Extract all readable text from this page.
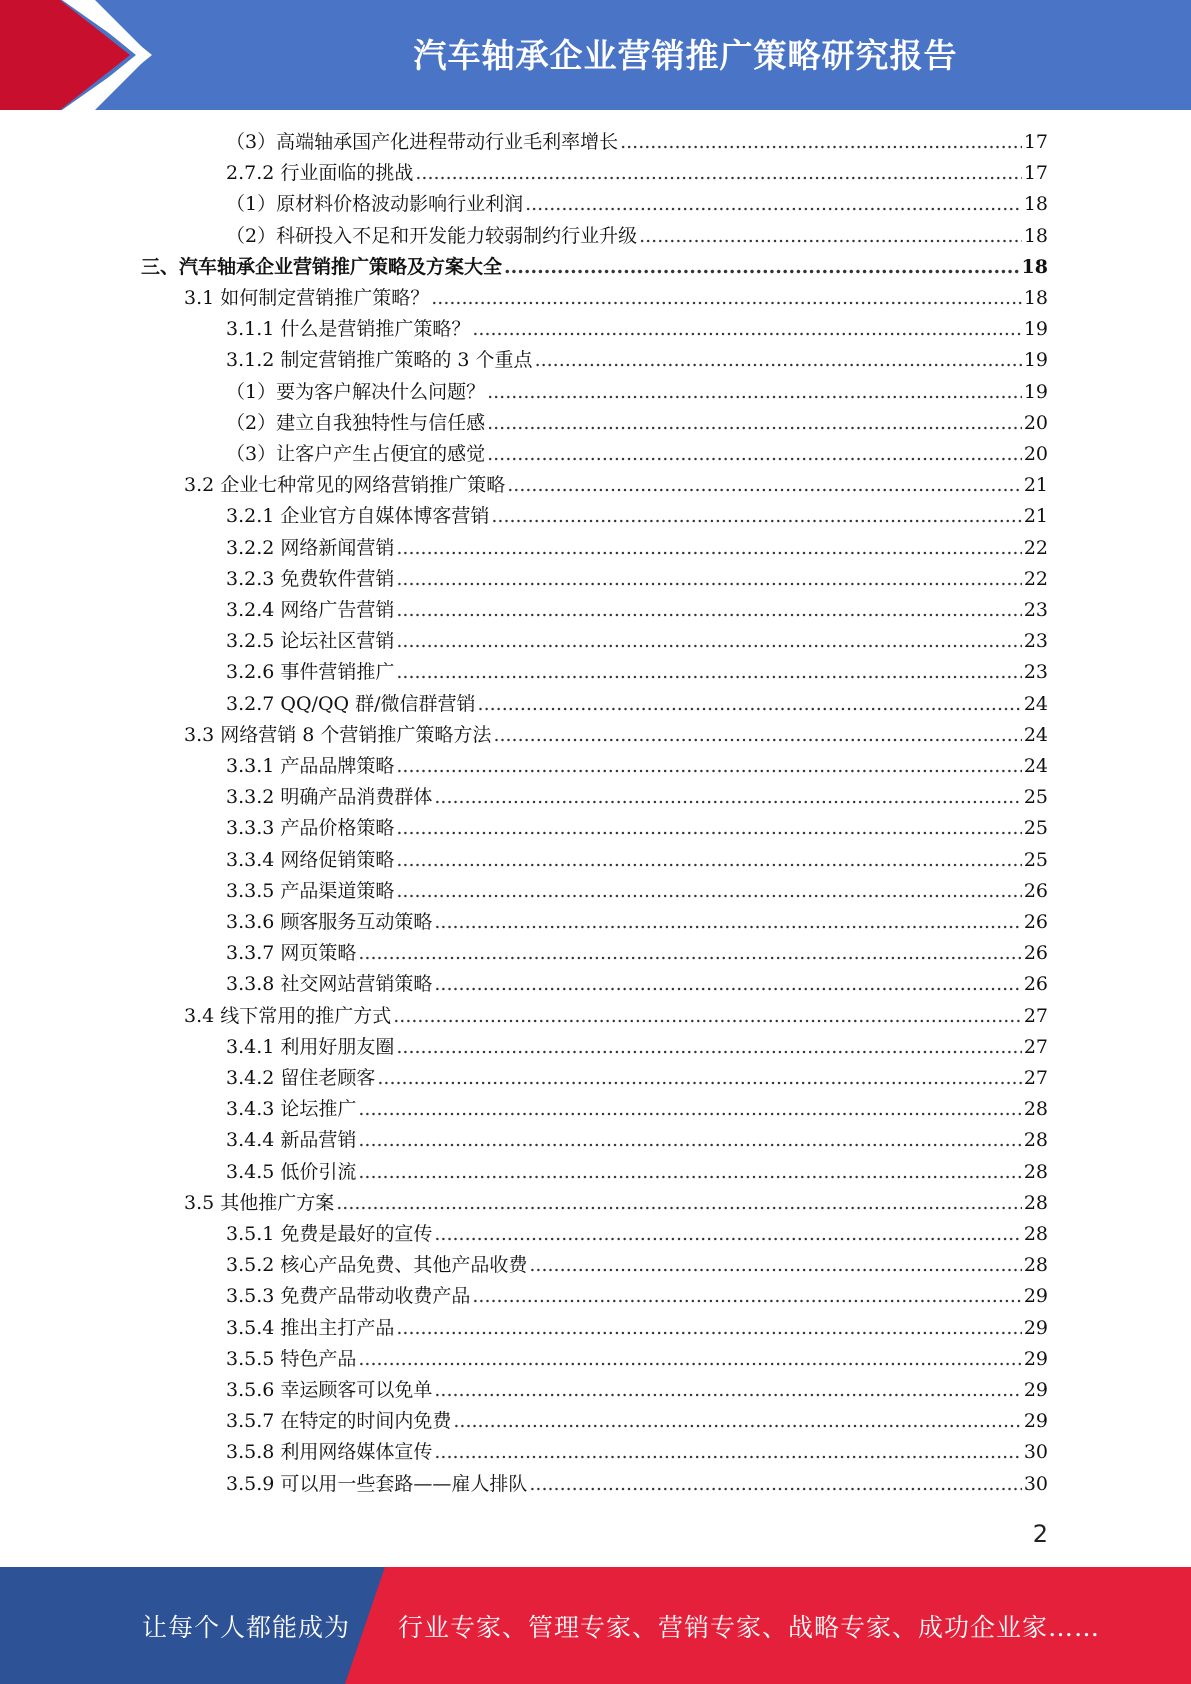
汽车轴承企业营销推广策略研究报告
（3）高端轴承国产化进程带动行业毛利率增长 .....	17
2.7.2 行业面临的挑战 .....	17
（1）原材料价格波动影响行业利润 .....	18
（2）科研投入不足和开发能力较弱制约行业升级 .....	18
三、汽车轴承企业营销推广策略及方案大全 .....	18
3.1 如何制定营销推广策略？ .....	18
3.1.1 什么是营销推广策略？ .....	19
3.1.2 制定营销推广策略的 3 个重点 .....	19
（1）要为客户解决什么问题？ .....	19
（2）建立自我独特性与信任感 .....	20
（3）让客户产生占便宜的感觉 .....	20
3.2 企业七种常见的网络营销推广策略 .....	21
3.2.1 企业官方自媒体博客营销 .....	21
3.2.2 网络新闻营销 .....	22
3.2.3 免费软件营销 .....	22
3.2.4 网络广告营销 .....	23
3.2.5 论坛社区营销 .....	23
3.2.6 事件营销推广 .....	23
3.2.7 QQ/QQ 群/微信群营销 .....	24
3.3 网络营销 8 个营销推广策略方法 .....	24
3.3.1 产品品牌策略 .....	24
3.3.2 明确产品消费群体 .....	25
3.3.3 产品价格策略 .....	25
3.3.4 网络促销策略 .....	25
3.3.5 产品渠道策略 .....	26
3.3.6 顾客服务互动策略 .....	26
3.3.7 网页策略 .....	26
3.3.8 社交网站营销策略 .....	26
3.4 线下常用的推广方式 .....	27
3.4.1 利用好朋友圈 .....	27
3.4.2 留住老顾客 .....	27
3.4.3 论坛推广 .....	28
3.4.4 新品营销 .....	28
3.4.5 低价引流 .....	28
3.5 其他推广方案 .....	28
3.5.1 免费是最好的宣传 .....	28
3.5.2 核心产品免费、其他产品收费 .....	28
3.5.3 免费产品带动收费产品 .....	29
3.5.4 推出主打产品 .....	29
3.5.5 特色产品 .....	29
3.5.6 幸运顾客可以免单 .....	29
3.5.7 在特定的时间内免费 .....	29
3.5.8 利用网络媒体宣传 .....	30
3.5.9 可以用一些套路——雇人排队 .....	30
2
让每个人都能成为 行业专家、管理专家、营销专家、战略专家、成功企业家……
